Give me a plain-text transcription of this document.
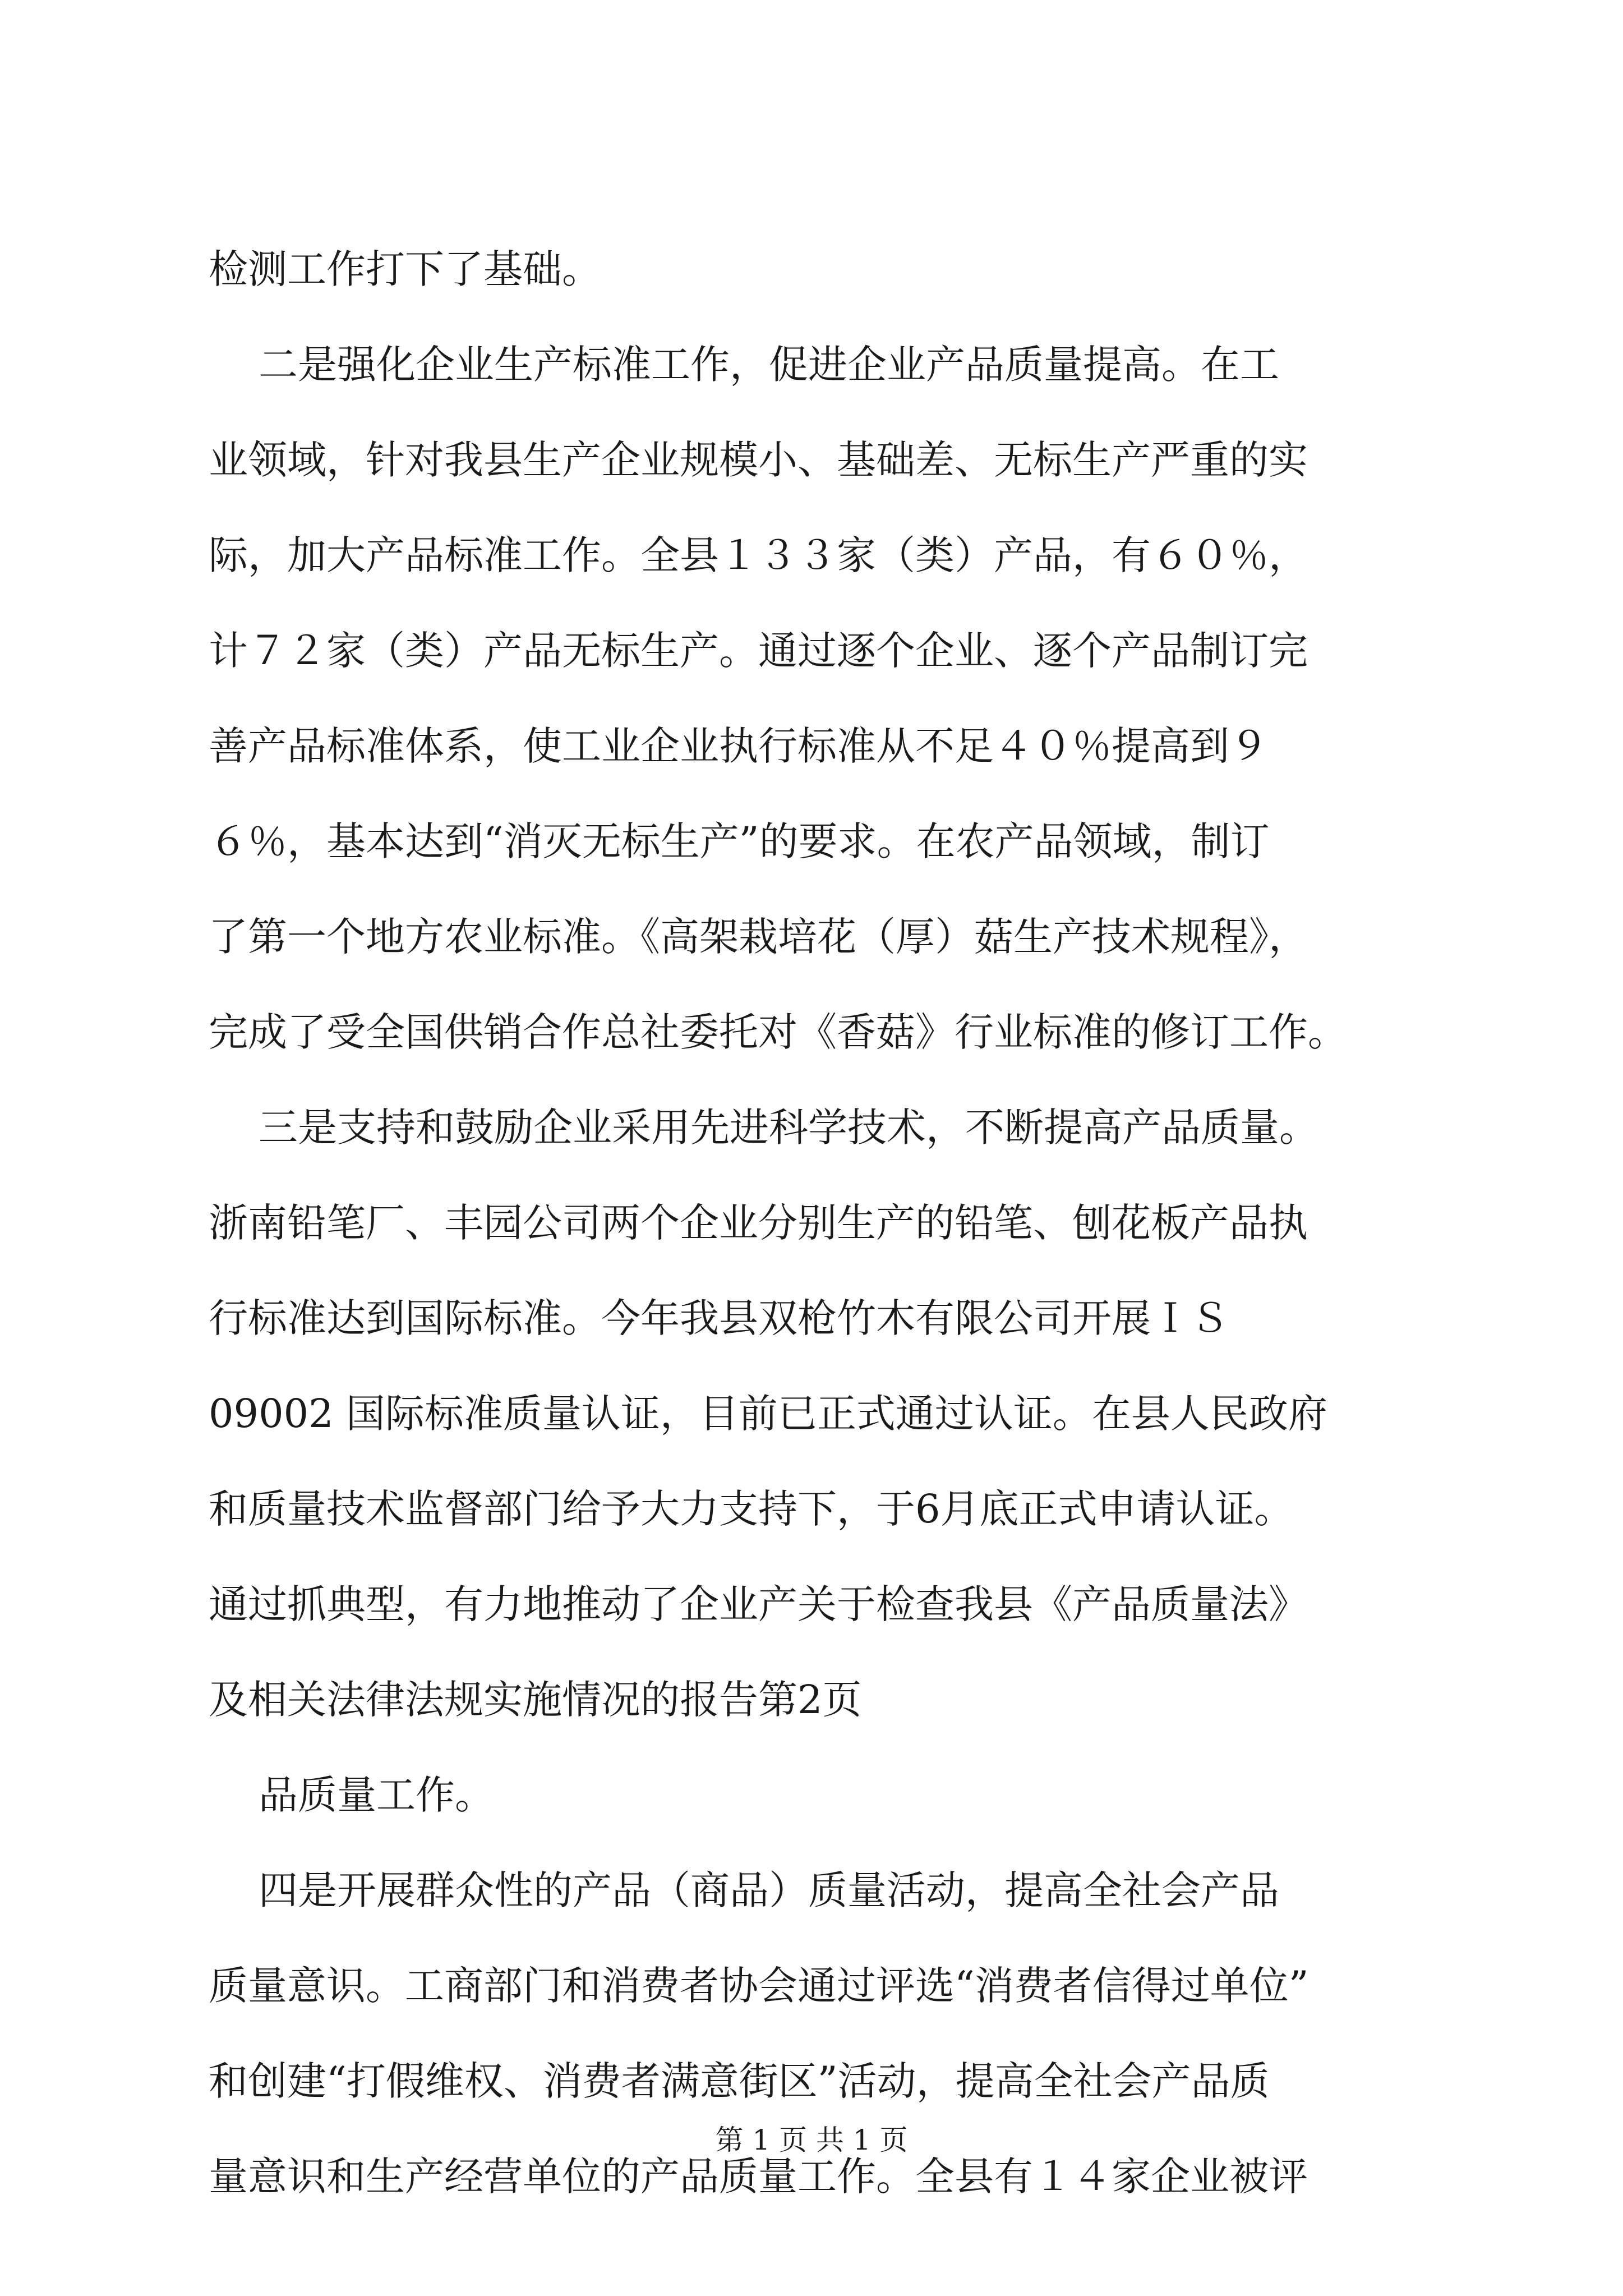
检测工作打下了基础。
二是强化企业生产标准工作，促进企业产品质量提高。在工
业领域，针对我县生产企业规模小、基础差、无标生产严重的实
际，加大产品标准工作。全县１３３家（类）产品，有６０％，
计７２家（类）产品无标生产。通过逐个企业、逐个产品制订完
善产品标准体系，使工业企业执行标准从不足４０％提高到９
６％，基本达到“消灭无标生产”的要求。在农产品领域，制订
了第一个地方农业标准。《高架栽培花（厚）菇生产技术规程》，
完成了受全国供销合作总社委托对《香菇》行业标准的修订工作。
三是支持和鼓励企业采用先进科学技术，不断提高产品质量。
浙南铅笔厂、丰园公司两个企业分别生产的铅笔、刨花板产品执
行标准达到国际标准。今年我县双枪竹木有限公司开展ＩＳ
09002 国际标准质量认证，目前已正式通过认证。在县人民政府
和质量技术监督部门给予大力支持下，于6月底正式申请认证。
通过抓典型，有力地推动了企业产关于检查我县《产品质量法》
及相关法律法规实施情况的报告第2页
品质量工作。
四是开展群众性的产品（商品）质量活动，提高全社会产品
质量意识。工商部门和消费者协会通过评选“消费者信得过单位”
和创建“打假维权、消费者满意街区”活动，提高全社会产品质
量意识和生产经营单位的产品质量工作。全县有１４家企业被评
第 1 页 共 1 页
